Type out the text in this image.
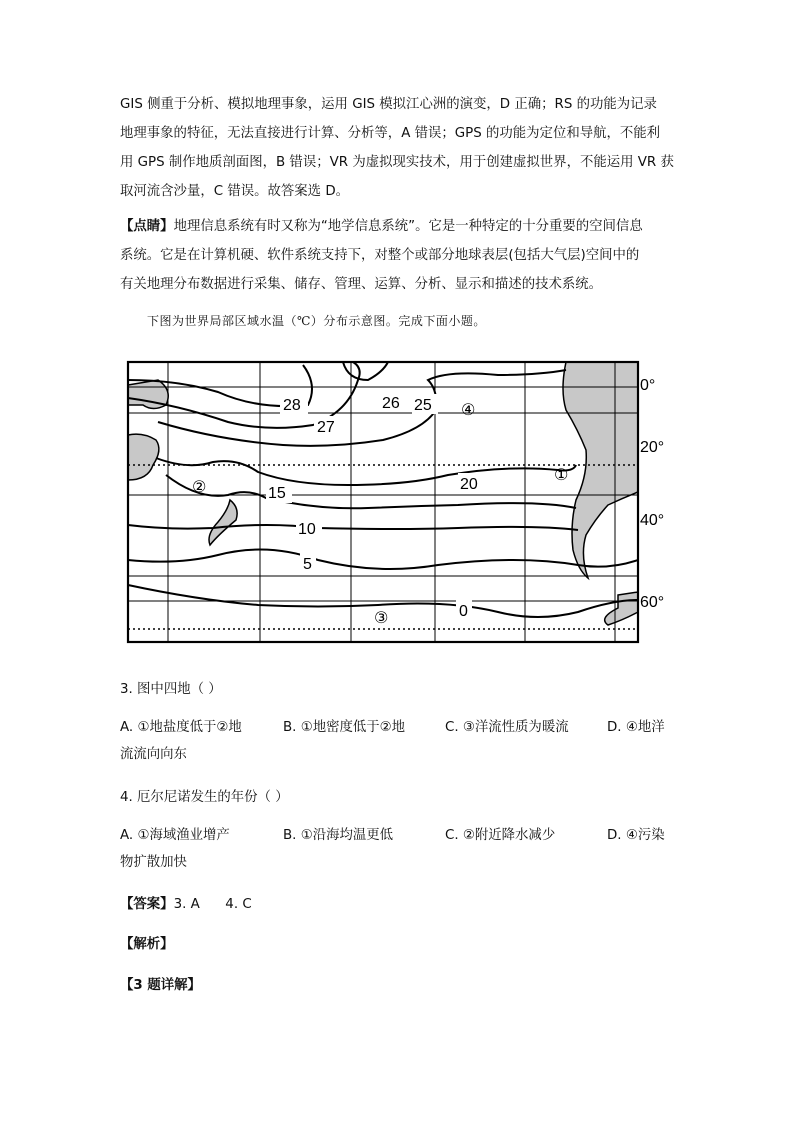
GIS 侧重于分析、模拟地理事象，运用 GIS 模拟江心洲的演变，D 正确；RS 的功能为记录
地理事象的特征，无法直接进行计算、分析等，A 错误；GPS 的功能为定位和导航，不能利
用 GPS 制作地质剖面图，B 错误；VR 为虚拟现实技术，用于创建虚拟世界，不能运用 VR 获
取河流含沙量，C 错误。故答案选 D。
【点睛】地理信息系统有时又称为“地学信息系统”。它是一种特定的十分重要的空间信息
系统。它是在计算机硬、软件系统支持下，对整个或部分地球表层(包括大气层)空间中的
有关地理分布数据进行采集、储存、管理、运算、分析、显示和描述的技术系统。

下图为世界局部区域水温（℃）分布示意图。完成下面小题。

28
27
26 25
20
15
10
5
0
①
②
③
④
0°
20°
40°
60°

3. 图中四地（ ）

A. ①地盐度低于②地	B. ①地密度低于②地	C. ③洋流性质为暖流	D. ④地洋
流流向向东

4. 厄尔尼诺发生的年份（ ）

A. ①海域渔业增产	B. ①沿海均温更低	C. ②附近降水减少	D. ④污染
物扩散加快

【答案】3. A      4. C

【解析】

【3 题详解】
